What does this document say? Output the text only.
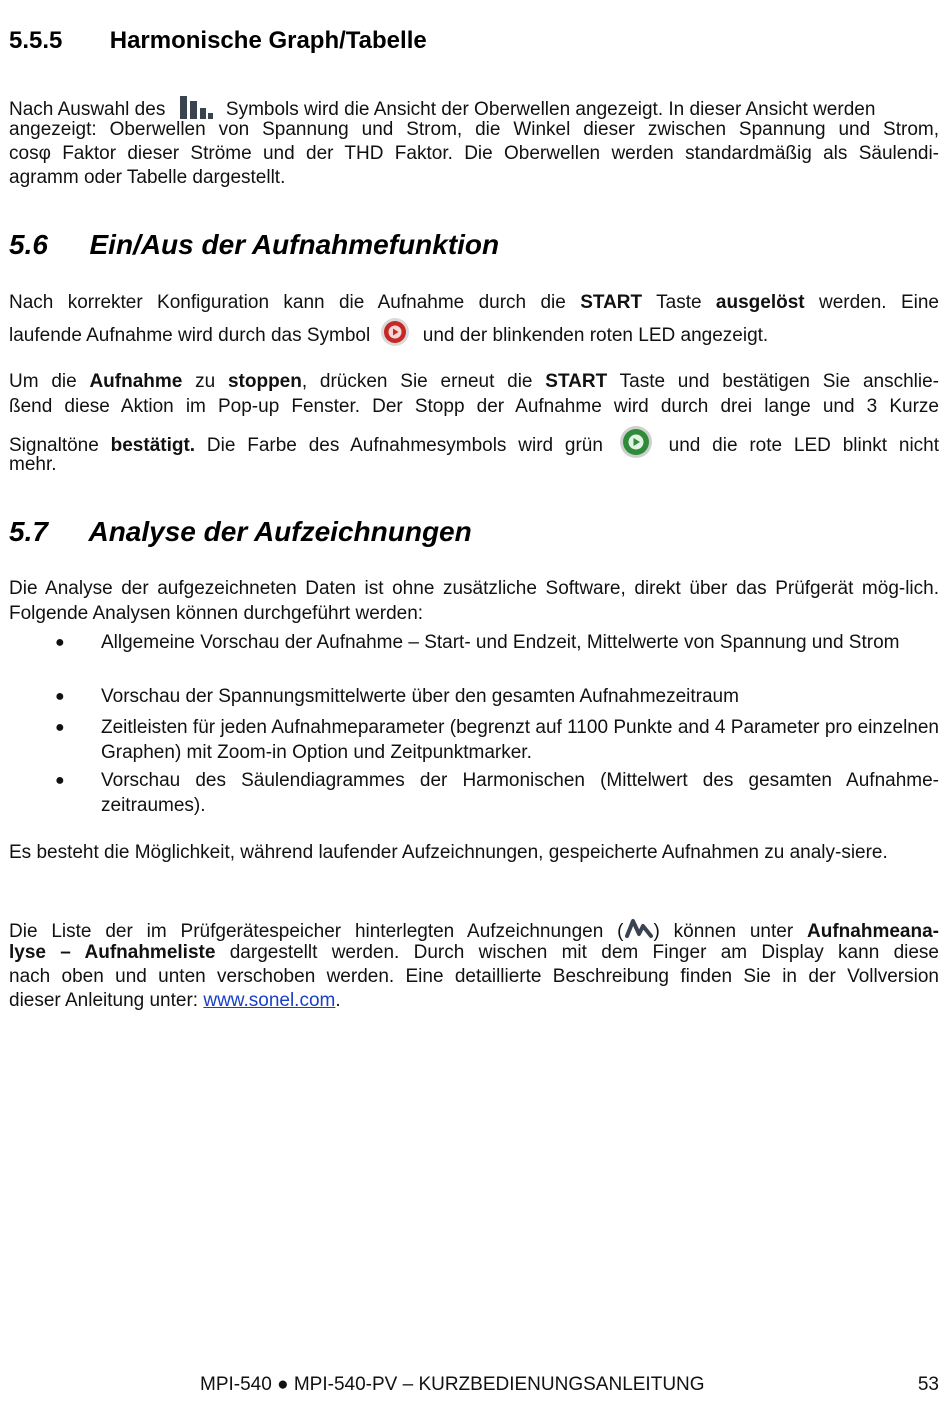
5.5.5 Harmonische Graph/Tabelle
Nach Auswahl des	Symbols wird die Ansicht der Oberwellen angezeigt. In dieser Ansicht werden
angezeigt: Oberwellen von Spannung und Strom, die Winkel dieser zwischen Spannung und Strom,
cosφ Faktor dieser Ströme und der THD Faktor. Die Oberwellen werden standardmäßig als Säulendi-
agramm oder Tabelle dargestellt.
5.6 Ein/Aus der Aufnahmefunktion
Nach korrekter Konfiguration kann die Aufnahme durch die START Taste ausgelöst werden. Eine
laufende Aufnahme wird durch das Symbol	und der blinkenden roten LED angezeigt.
Um die Aufnahme zu stoppen, drücken Sie erneut die START Taste und bestätigen Sie anschlie-
ßend diese Aktion im Pop-up Fenster. Der Stopp der Aufnahme wird durch drei lange und 3 Kurze
Signaltöne bestätigt. Die Farbe des Aufnahmesymbols wird grün	und die rote LED blinkt nicht
mehr.
5.7 Analyse der Aufzeichnungen
Die Analyse der aufgezeichneten Daten ist ohne zusätzliche Software, direkt über das Prüfgerät mög-lich. Folgende Analysen können durchgeführt werden:
● Allgemeine Vorschau der Aufnahme – Start- und Endzeit, Mittelwerte von Spannung und Strom
● Vorschau der Spannungsmittelwerte über den gesamten Aufnahmezeitraum
● Zeitleisten für jeden Aufnahmeparameter (begrenzt auf 1100 Punkte and 4 Parameter pro einzelnen Graphen) mit Zoom-in Option und Zeitpunktmarker.
● Vorschau des Säulendiagrammes der Harmonischen (Mittelwert des gesamten Aufnahme-zeitraumes).
Es besteht die Möglichkeit, während laufender Aufzeichnungen, gespeicherte Aufnahmen zu analy-siere.
Die Liste der im Prüfgerätespeicher hinterlegten Aufzeichnungen ( ) können unter Aufnahmeana-
lyse – Aufnahmeliste dargestellt werden. Durch wischen mit dem Finger am Display kann diese
nach oben und unten verschoben werden. Eine detaillierte Beschreibung finden Sie in der Vollversion
dieser Anleitung unter: www.sonel.com.
MPI-540 ● MPI-540-PV – KURZBEDIENUNGSANLEITUNG	53
